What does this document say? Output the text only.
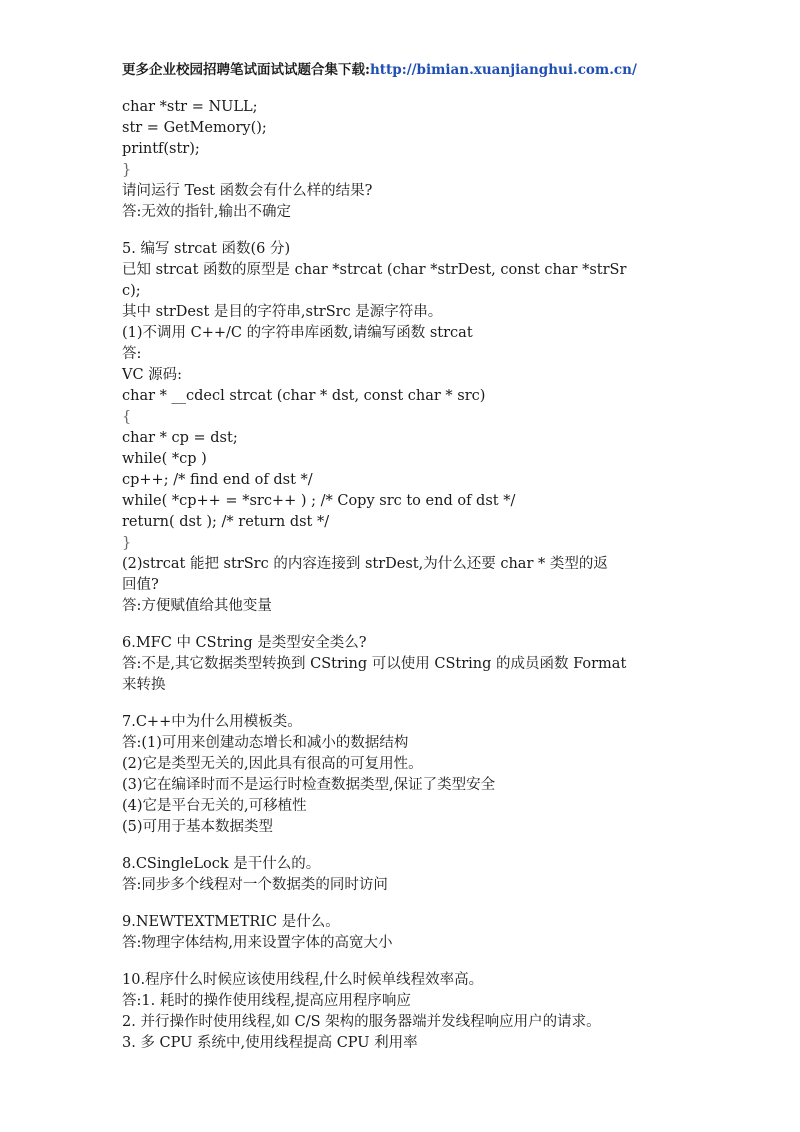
更多企业校园招聘笔试面试试题合集下载:http://bimian.xuanjianghui.com.cn/
char *str = NULL;
str = GetMemory();
printf(str);
}
请问运行 Test 函数会有什么样的结果?
答:无效的指针,输出不确定
5. 编写 strcat 函数(6 分)
已知 strcat 函数的原型是 char *strcat (char *strDest, const char *strSr
c);
其中 strDest 是目的字符串,strSrc 是源字符串。
(1)不调用 C++/C 的字符串库函数,请编写函数 strcat
答:
VC 源码:
char * __cdecl strcat (char * dst, const char * src)
{
char * cp = dst;
while( *cp )
cp++; /* find end of dst */
while( *cp++ = *src++ ) ; /* Copy src to end of dst */
return( dst ); /* return dst */
}
(2)strcat 能把 strSrc 的内容连接到 strDest,为什么还要 char * 类型的返
回值?
答:方便赋值给其他变量
6.MFC 中 CString 是类型安全类么?
答:不是,其它数据类型转换到 CString 可以使用 CString 的成员函数 Format
来转换
7.C++中为什么用模板类。
答:(1)可用来创建动态增长和减小的数据结构
(2)它是类型无关的,因此具有很高的可复用性。
(3)它在编译时而不是运行时检查数据类型,保证了类型安全
(4)它是平台无关的,可移植性
(5)可用于基本数据类型
8.CSingleLock 是干什么的。
答:同步多个线程对一个数据类的同时访问
9.NEWTEXTMETRIC 是什么。
答:物理字体结构,用来设置字体的高宽大小
10.程序什么时候应该使用线程,什么时候单线程效率高。
答:1. 耗时的操作使用线程,提高应用程序响应
2. 并行操作时使用线程,如 C/S 架构的服务器端并发线程响应用户的请求。
3. 多 CPU 系统中,使用线程提高 CPU 利用率
